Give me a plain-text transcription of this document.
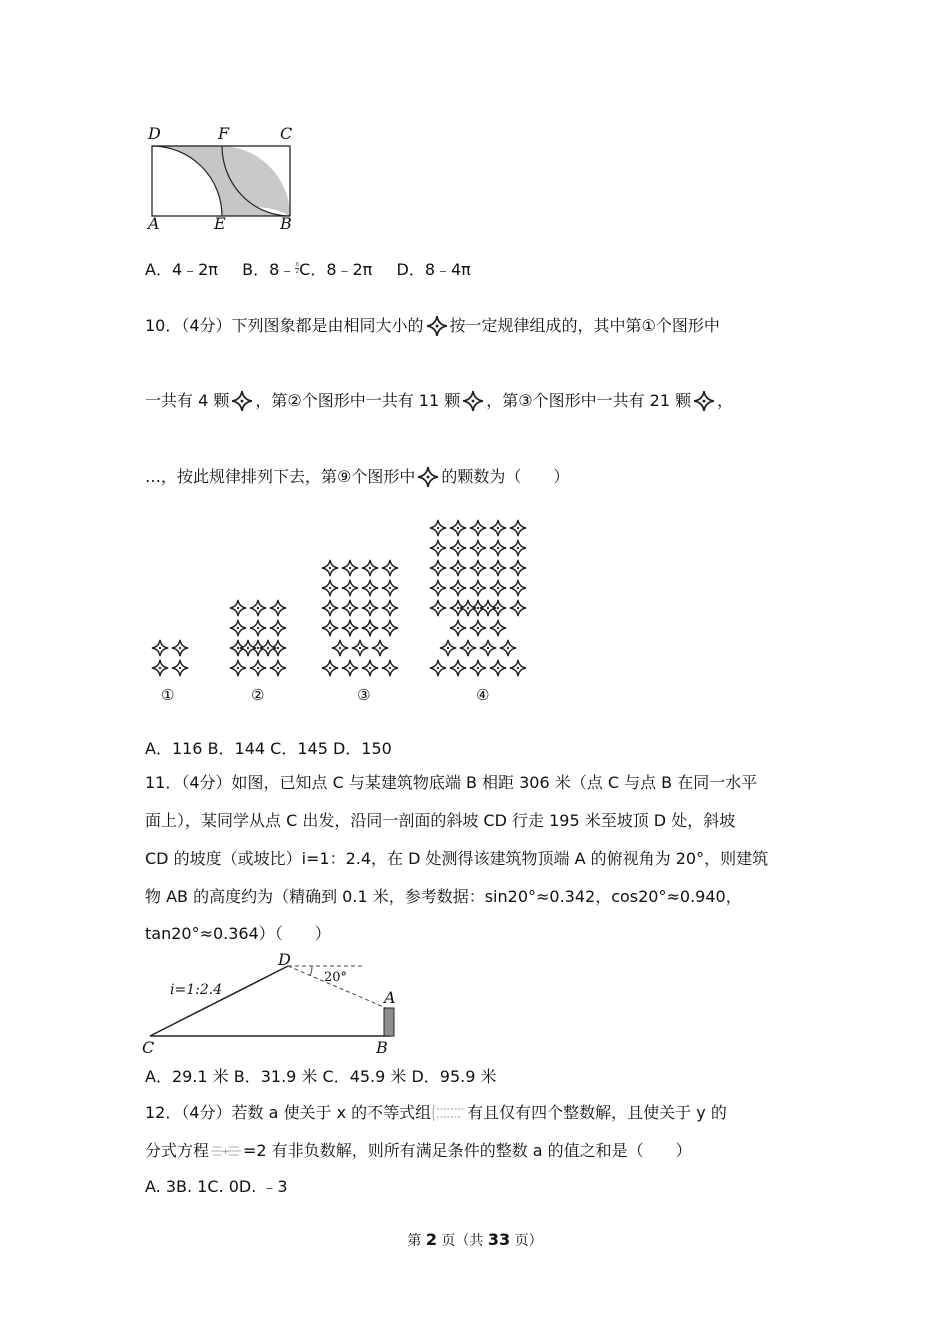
D	F	C
A	E	B
A．4﹣2π B．8﹣ $\frac{\pi}{2}$ C．8﹣2π D．8﹣4π
10．（4分）下列图象都是由相同大小的 按一定规律组成的，其中第①个图形中
一共有 4 颗 ，第②个图形中一共有 11 颗 ，第③个图形中一共有 21 颗 ，
…，按此规律排列下去，第⑨个图形中 的颗数为（　　）
①	②	③	④
A．116 B．144 C．145 D．150
11．（4分）如图，已知点 C 与某建筑物底端 B 相距 306 米（点 C 与点 B 在同一水平
面上），某同学从点 C 出发，沿同一剖面的斜坡 CD 行走 195 米至坡顶 D 处，斜坡
CD 的坡度（或坡比）i=1：2.4，在 D 处测得该建筑物顶端 A 的俯视角为 20°，则建筑
物 AB 的高度约为（精确到 0.1 米，参考数据：sin20°≈0.342，cos20°≈0.940，
tan20°≈0.364）（　　）
i=1:2.4
20°
D
A
C	B
A．29.1 米 B．31.9 米 C．45.9 米 D．95.9 米
12．（4分）若数 a 使关于 x 的不等式组 有且仅有四个整数解，且使关于 y 的
分式方程 + =2 有非负数解，则所有满足条件的整数 a 的值之和是（　　）
A. 3B. 1C. 0D. ﹣3
第 2 页（共 33 页）
